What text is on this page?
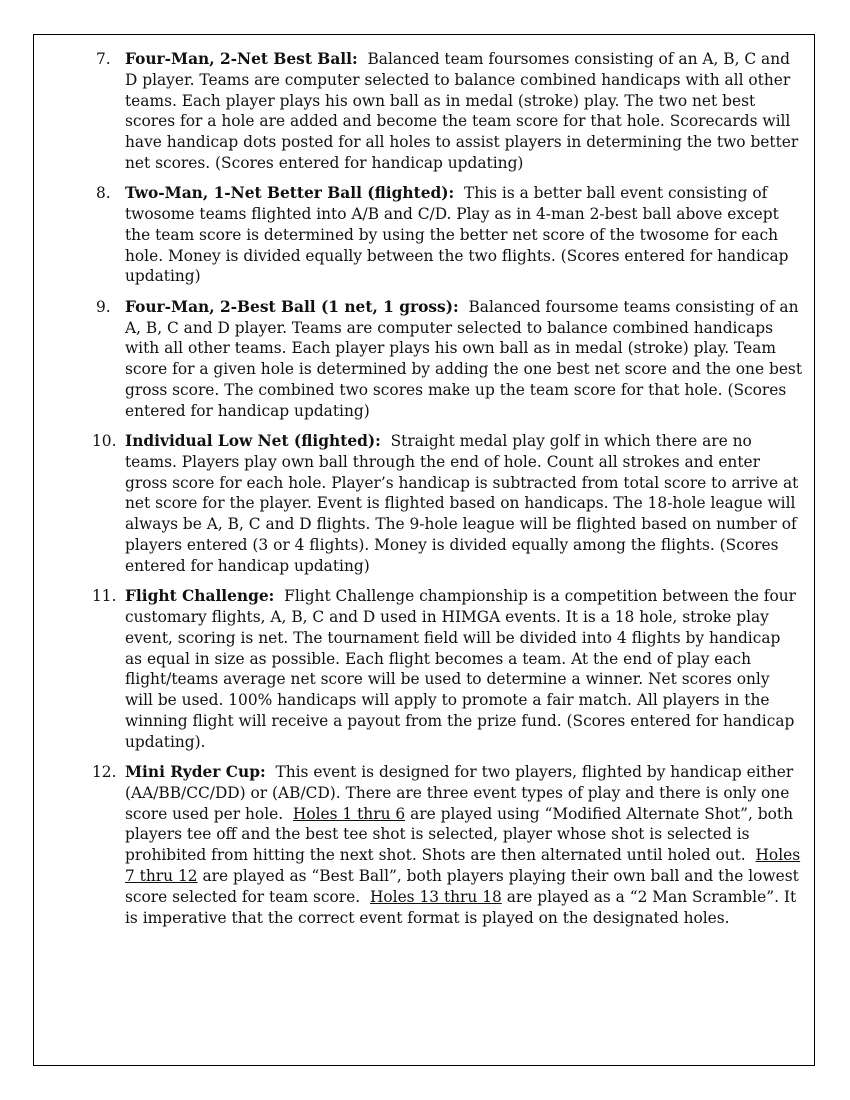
7. Four-Man, 2-Net Best Ball: Balanced team foursomes consisting of an A, B, C and D player. Teams are computer selected to balance combined handicaps with all other teams. Each player plays his own ball as in medal (stroke) play. The two net best scores for a hole are added and become the team score for that hole. Scorecards will have handicap dots posted for all holes to assist players in determining the two better net scores. (Scores entered for handicap updating)
8. Two-Man, 1-Net Better Ball (flighted): This is a better ball event consisting of twosome teams flighted into A/B and C/D. Play as in 4-man 2-best ball above except the team score is determined by using the better net score of the twosome for each hole. Money is divided equally between the two flights. (Scores entered for handicap updating)
9. Four-Man, 2-Best Ball (1 net, 1 gross): Balanced foursome teams consisting of an A, B, C and D player. Teams are computer selected to balance combined handicaps with all other teams. Each player plays his own ball as in medal (stroke) play. Team score for a given hole is determined by adding the one best net score and the one best gross score. The combined two scores make up the team score for that hole. (Scores entered for handicap updating)
10. Individual Low Net (flighted): Straight medal play golf in which there are no teams. Players play own ball through the end of hole. Count all strokes and enter gross score for each hole. Player’s handicap is subtracted from total score to arrive at net score for the player. Event is flighted based on handicaps. The 18-hole league will always be A, B, C and D flights. The 9-hole league will be flighted based on number of players entered (3 or 4 flights). Money is divided equally among the flights. (Scores entered for handicap updating)
11. Flight Challenge: Flight Challenge championship is a competition between the four customary flights, A, B, C and D used in HIMGA events. It is a 18 hole, stroke play event, scoring is net. The tournament field will be divided into 4 flights by handicap as equal in size as possible. Each flight becomes a team. At the end of play each flight/teams average net score will be used to determine a winner. Net scores only will be used. 100% handicaps will apply to promote a fair match. All players in the winning flight will receive a payout from the prize fund. (Scores entered for handicap updating).
12. Mini Ryder Cup: This event is designed for two players, flighted by handicap either (AA/BB/CC/DD) or (AB/CD). There are three event types of play and there is only one score used per hole. Holes 1 thru 6 are played using “Modified Alternate Shot”, both players tee off and the best tee shot is selected, player whose shot is selected is prohibited from hitting the next shot. Shots are then alternated until holed out. Holes 7 thru 12 are played as “Best Ball”, both players playing their own ball and the lowest score selected for team score. Holes 13 thru 18 are played as a “2 Man Scramble”. It is imperative that the correct event format is played on the designated holes.
